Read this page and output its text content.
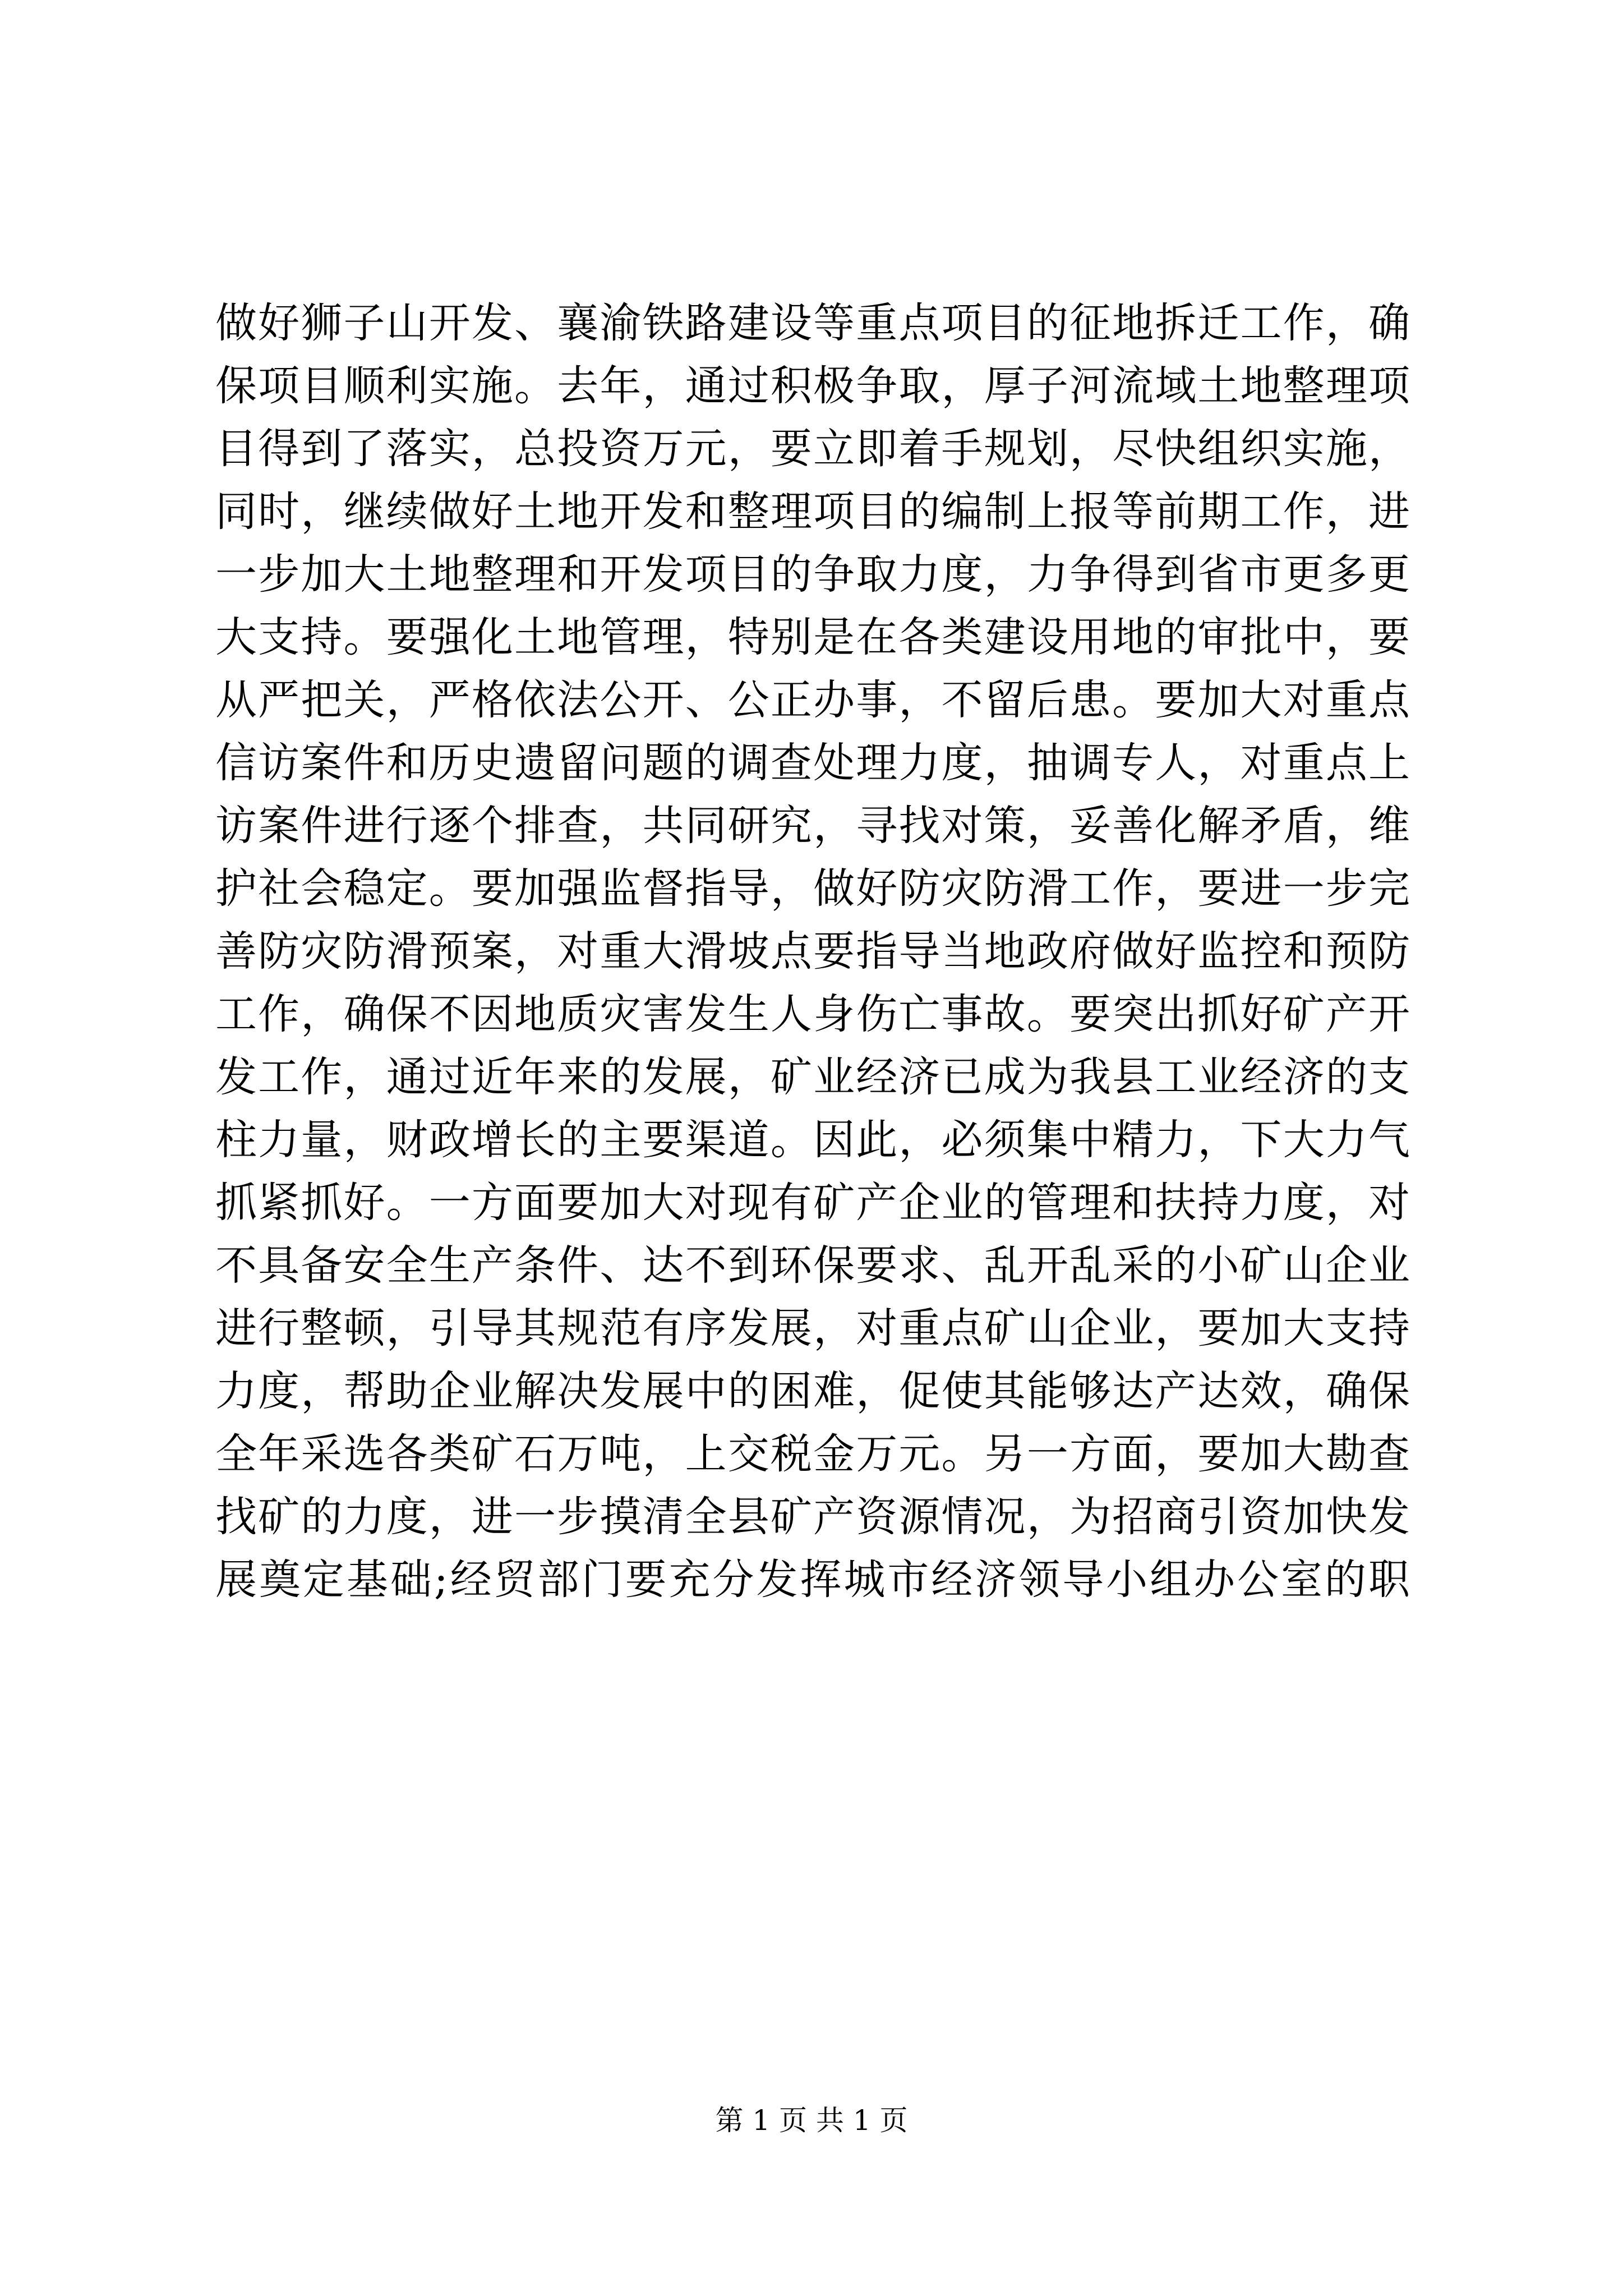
做好狮子山开发、襄渝铁路建设等重点项目的征地拆迁工作，确
保项目顺利实施。去年，通过积极争取，厚子河流域土地整理项
目得到了落实，总投资万元，要立即着手规划，尽快组织实施，
同时，继续做好土地开发和整理项目的编制上报等前期工作，进
一步加大土地整理和开发项目的争取力度，力争得到省市更多更
大支持。要强化土地管理，特别是在各类建设用地的审批中，要
从严把关，严格依法公开、公正办事，不留后患。要加大对重点
信访案件和历史遗留问题的调查处理力度，抽调专人，对重点上
访案件进行逐个排查，共同研究，寻找对策，妥善化解矛盾，维
护社会稳定。要加强监督指导，做好防灾防滑工作，要进一步完
善防灾防滑预案，对重大滑坡点要指导当地政府做好监控和预防
工作，确保不因地质灾害发生人身伤亡事故。要突出抓好矿产开
发工作，通过近年来的发展，矿业经济已成为我县工业经济的支
柱力量，财政增长的主要渠道。因此，必须集中精力，下大力气
抓紧抓好。一方面要加大对现有矿产企业的管理和扶持力度，对
不具备安全生产条件、达不到环保要求、乱开乱采的小矿山企业
进行整顿，引导其规范有序发展，对重点矿山企业，要加大支持
力度，帮助企业解决发展中的困难，促使其能够达产达效，确保
全年采选各类矿石万吨，上交税金万元。另一方面，要加大勘查
找矿的力度，进一步摸清全县矿产资源情况，为招商引资加快发
展奠定基础;经贸部门要充分发挥城市经济领导小组办公室的职
第 1 页 共 1 页
